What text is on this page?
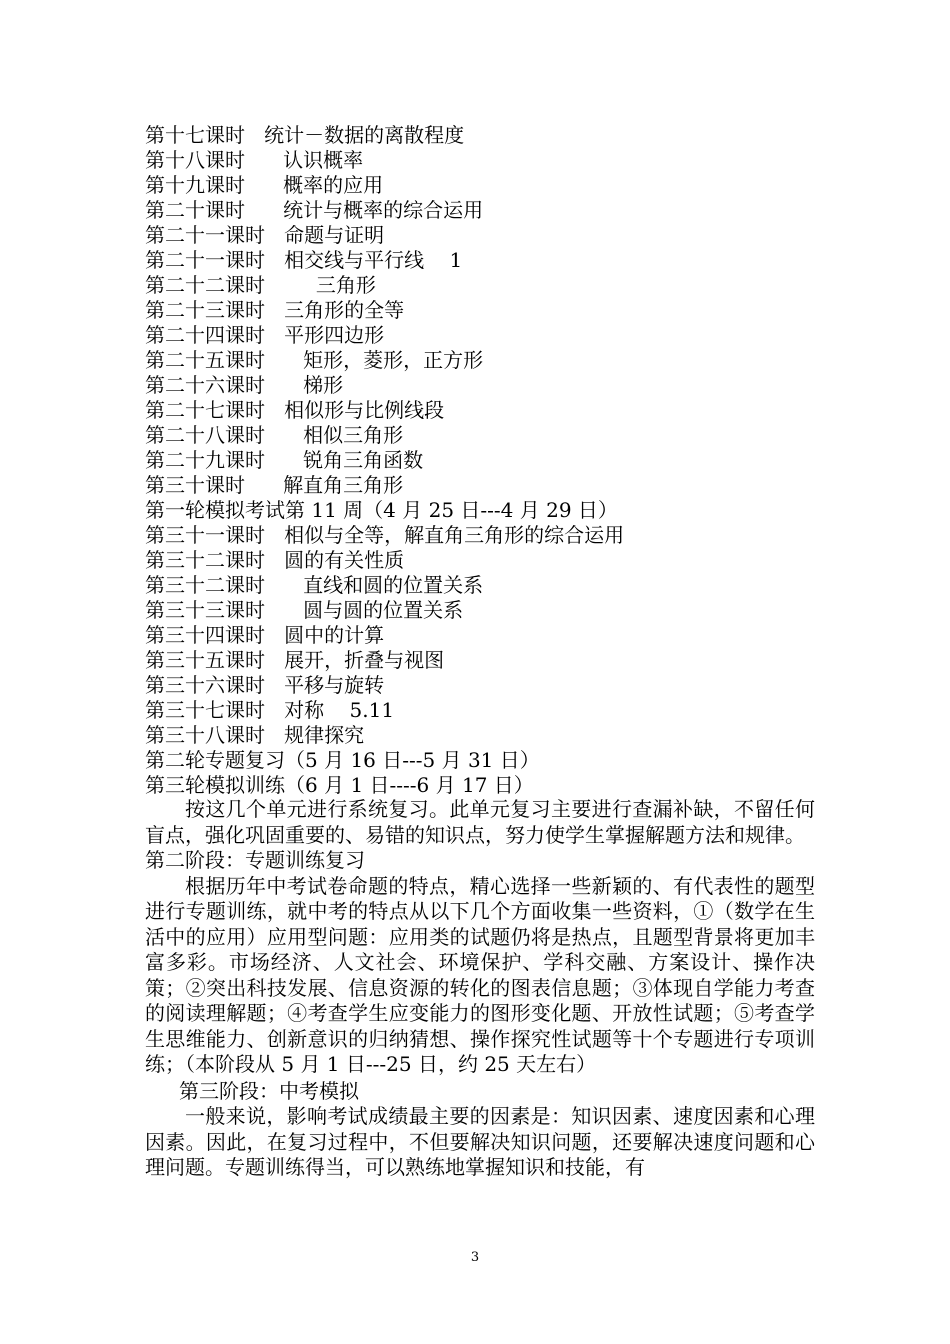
第十七课时 统计－数据的离散程度
第十八课时 认识概率
第十九课时 概率的应用
第二十课时 统计与概率的综合运用
第二十一课时 命题与证明
第二十一课时 相交线与平行线    1
第二十二课时	三角形
第二十三课时 三角形的全等
第二十四课时 平形四边形
第二十五课时 矩形，菱形，正方形
第二十六课时 梯形
第二十七课时 相似形与比例线段
第二十八课时 相似三角形
第二十九课时 锐角三角函数
第三十课时 解直角三角形
第一轮模拟考试第 11 周（4 月 25 日---4 月 29 日）
第三十一课时 相似与全等，解直角三角形的综合运用
第三十二课时 圆的有关性质
第三十二课时 直线和圆的位置关系
第三十三课时 圆与圆的位置关系
第三十四课时 圆中的计算
第三十五课时 展开，折叠与视图
第三十六课时 平移与旋转
第三十七课时 对称    5.11
第三十八课时 规律探究
第二轮专题复习（5 月 16 日---5 月 31 日）
第三轮模拟训练（6 月 1 日----6 月 17 日）

按这几个单元进行系统复习。此单元复习主要进行查漏补缺，不留任何盲点，强化巩固重要的、易错的知识点，努力使学生掌握解题方法和规律。

第二阶段：专题训练复习

根据历年中考试卷命题的特点，精心选择一些新颖的、有代表性的题型进行专题训练，就中考的特点从以下几个方面收集一些资料，①（数学在生活中的应用）应用型问题：应用类的试题仍将是热点，且题型背景将更加丰富多彩。市场经济、人文社会、环境保护、学科交融、方案设计、操作决策；②突出科技发展、信息资源的转化的图表信息题；③体现自学能力考查的阅读理解题；④考查学生应变能力的图形变化题、开放性试题；⑤考查学生思维能力、创新意识的归纳猜想、操作探究性试题等十个专题进行专项训练；（本阶段从 5 月 1 日---25 日，约 25 天左右）

第三阶段：中考模拟

一般来说，影响考试成绩最主要的因素是：知识因素、速度因素和心理因素。因此，在复习过程中，不但要解决知识问题，还要解决速度问题和心理问题。专题训练得当，可以熟练地掌握知识和技能，有

3
